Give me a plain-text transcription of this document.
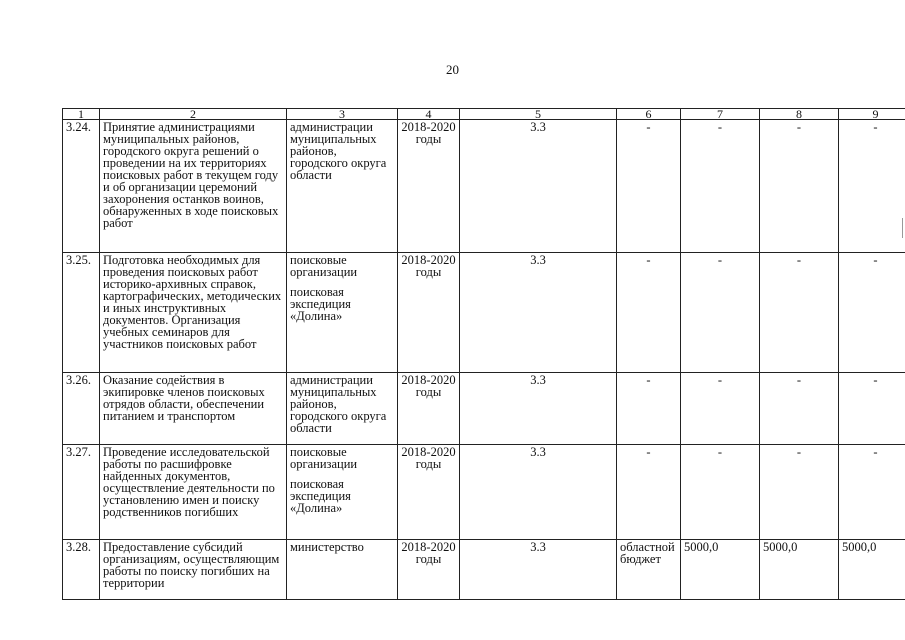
20
1	2	3	4	5	6	7	8	9
3.24.	Принятие администрациями муниципальных районов, городского округа решений о проведении на их территориях поисковых работ в текущем году и об организации церемоний захоронения останков воинов, обнаруженных в ходе поисковых работ	администрации муниципальных районов, городского округа области	2018-2020 годы	3.3	-	-	-	-
3.25.	Подготовка необходимых для проведения поисковых работ историко-архивных справок, картографических, методических и иных инструктивных документов. Организация учебных семинаров для участников поисковых работ	поисковые организации
поисковая экспедиция «Долина»	2018-2020 годы	3.3	-	-	-	-
3.26.	Оказание содействия в экипировке членов поисковых отрядов области, обеспечении питанием и транспортом	администрации муниципальных районов, городского округа области	2018-2020 годы	3.3	-	-	-	-
3.27.	Проведение исследовательской работы по расшифровке найденных документов, осуществление деятельности по установлению имен и поиску родственников погибших	поисковые организации
поисковая экспедиция «Долина»	2018-2020 годы	3.3	-	-	-	-
3.28.	Предоставление субсидий организациям, осуществляющим работы по поиску погибших на территории	министерство	2018-2020 годы	3.3	областной бюджет	5000,0	5000,0	5000,0
